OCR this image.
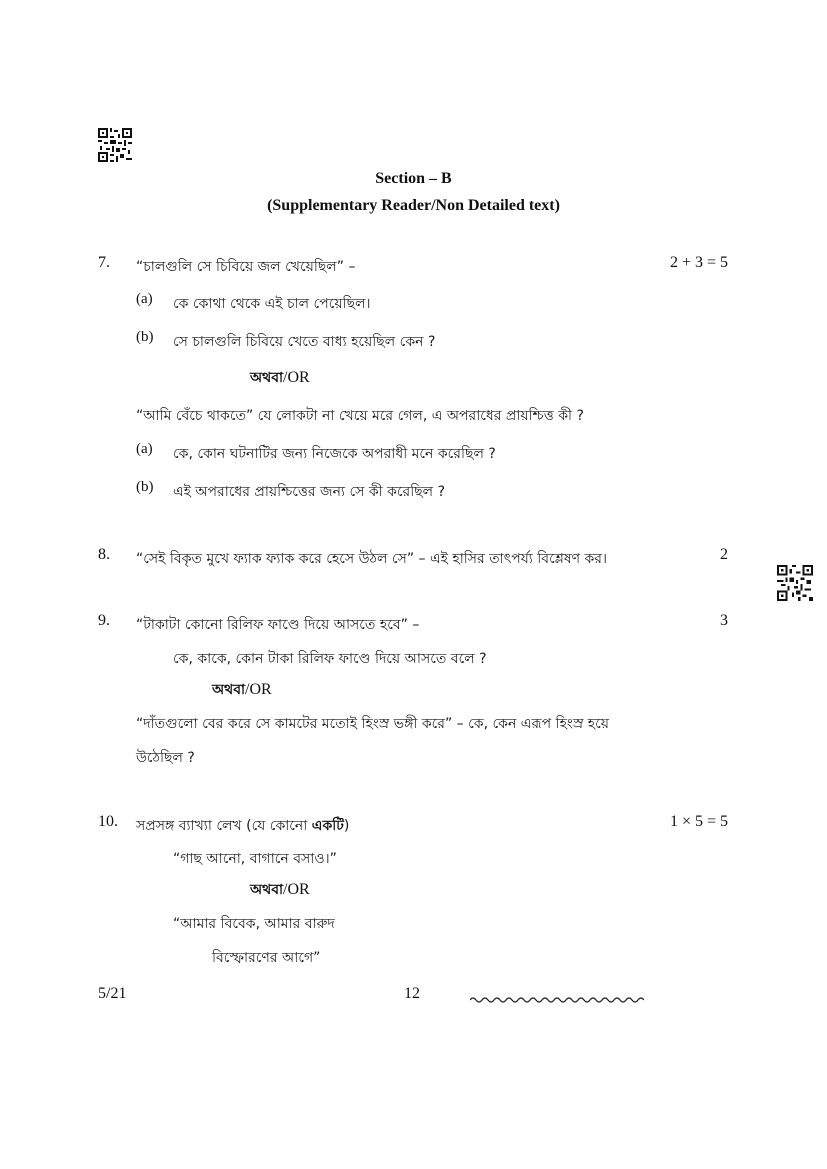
Section – B
(Supplementary Reader/Non Detailed text)
7. “চালগুলি সে চিবিয়ে জল খেয়েছিল” –	2 + 3 = 5
(a) কে কোথা থেকে এই চাল পেয়েছিল।
(b) সে চালগুলি চিবিয়ে খেতে বাধ্য হয়েছিল কেন ?
অথবা/OR
“আমি বেঁচে থাকতে” যে লোকটা না খেয়ে মরে গেল, এ অপরাধের প্রায়শ্চিত্ত কী ?
(a) কে, কোন ঘটনাটির জন্য নিজেকে অপরাধী মনে করেছিল ?
(b) এই অপরাধের প্রায়শ্চিত্তের জন্য সে কী করেছিল ?
8. “সেই বিকৃত মুখে ফ্যাক ফ্যাক করে হেসে উঠল সে” – এই হাসির তাৎপর্য্য বিশ্লেষণ কর।	2
9. “টাকাটা কোনো রিলিফ ফাণ্ডে দিয়ে আসতে হবে” –	3
কে, কাকে, কোন টাকা রিলিফ ফাণ্ডে দিয়ে আসতে বলে ?
অথবা/OR
“দাঁতগুলো বের করে সে কামটের মতোই হিংস্র ভঙ্গী করে” – কে, কেন এরূপ হিংস্র হয়ে
উঠেছিল ?
10. সপ্রসঙ্গ ব্যাখ্যা লেখ (যে কোনো একটি)	1 × 5 = 5
“গাছ আনো, বাগানে বসাও।”
অথবা/OR
“আমার বিবেক, আমার বারুদ
বিস্ফোরণের আগে”
5/21	12
